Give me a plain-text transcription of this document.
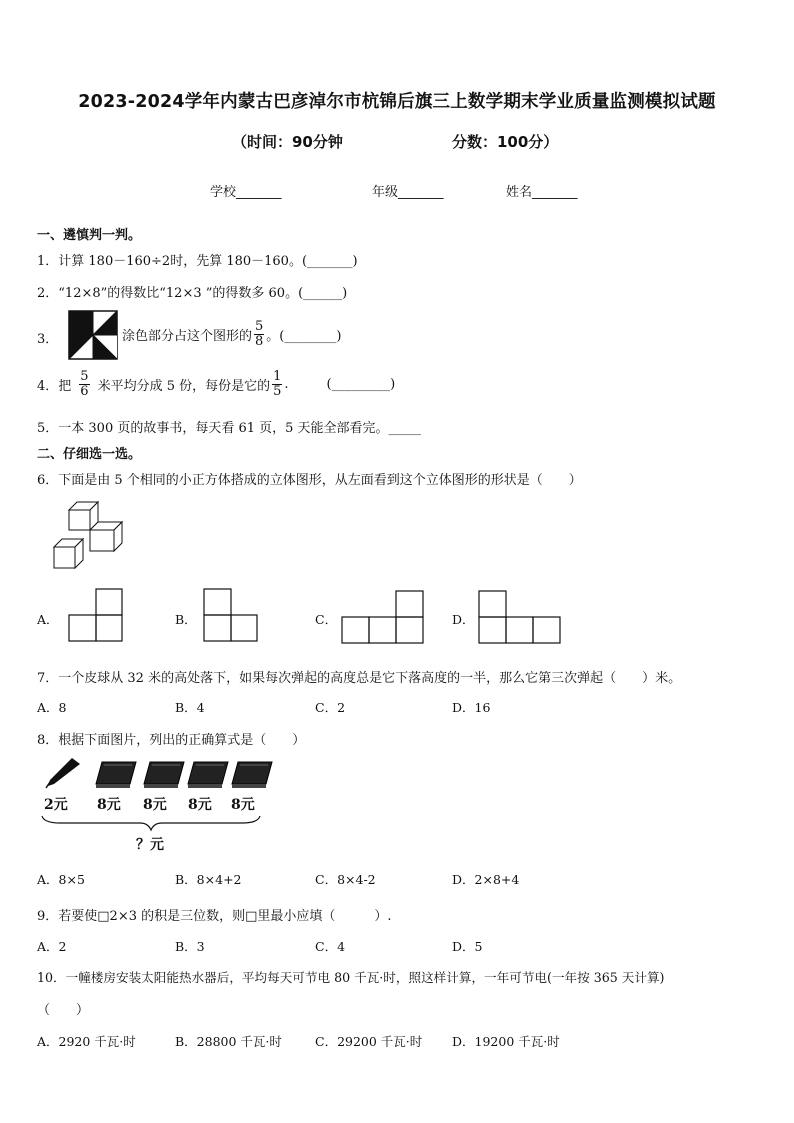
2023-2024学年内蒙古巴彦淖尔市杭锦后旗三上数学期末学业质量监测模拟试题
（时间：90分钟	分数：100分）
学校_______	年级_______	姓名_______
一、遴慎判一判。
1．计算 180－160÷2时，先算 180－160。(_______)
2．“12×8”的得数比“12×3 ”的得数多 60。(______)
3．	涂色部分占这个图形的 $\frac{5}{8}$ 。(________)
4．把 $\frac{5}{6}$ 米平均分成 5 份，每份是它的 $\frac{1}{5}$ .	(_________)
5．一本 300 页的故事书，每天看 61 页，5 天能全部看完。_____
二、仔细选一选。
6．下面是由 5 个相同的小正方体搭成的立体图形，从左面看到这个立体图形的形状是（　　）
A．	B．	C．	D．
7．一个皮球从 32 米的高处落下，如果每次弹起的高度总是它下落高度的一半，那么它第三次弹起（　　）米。
A．8	B．4	C．2	D．16
8．根据下面图片，列出的正确算式是（　　）
2元 8元 8元 8元 8元
？元
A．8×5	B．8×4+2	C．8×4-2	D．2×8+4
9．若要使□2×3 的积是三位数，则□里最小应填（　　　）.
A．2	B．3	C．4	D．5
10．一幢楼房安装太阳能热水器后，平均每天可节电 80 千瓦·时，照这样计算，一年可节电(一年按 365 天计算)
（　　）
A．2920 千瓦·时	B．28800 千瓦·时	C．29200 千瓦·时 D．19200 千瓦·时
